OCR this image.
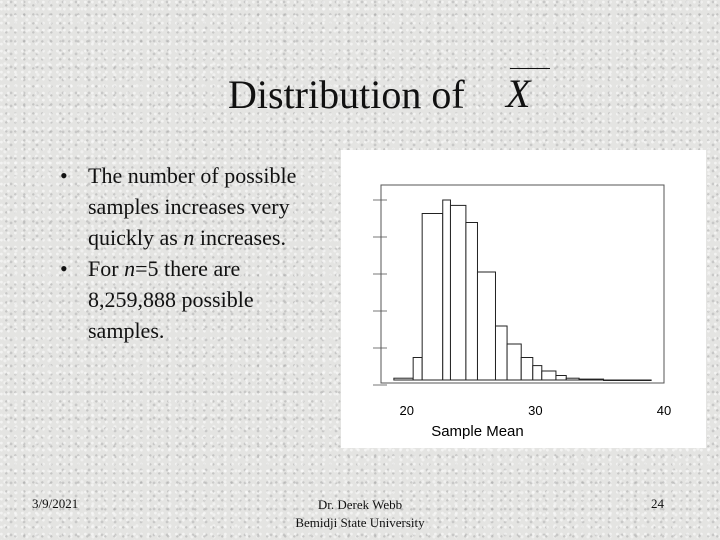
Distribution of X
• The number of possible samples increases very quickly as n increases.
• For n=5 there are 8,259,888 possible samples.
20	30	40
Sample Mean
3/9/2021	Dr. Derek Webb
Bemidji State University
24
